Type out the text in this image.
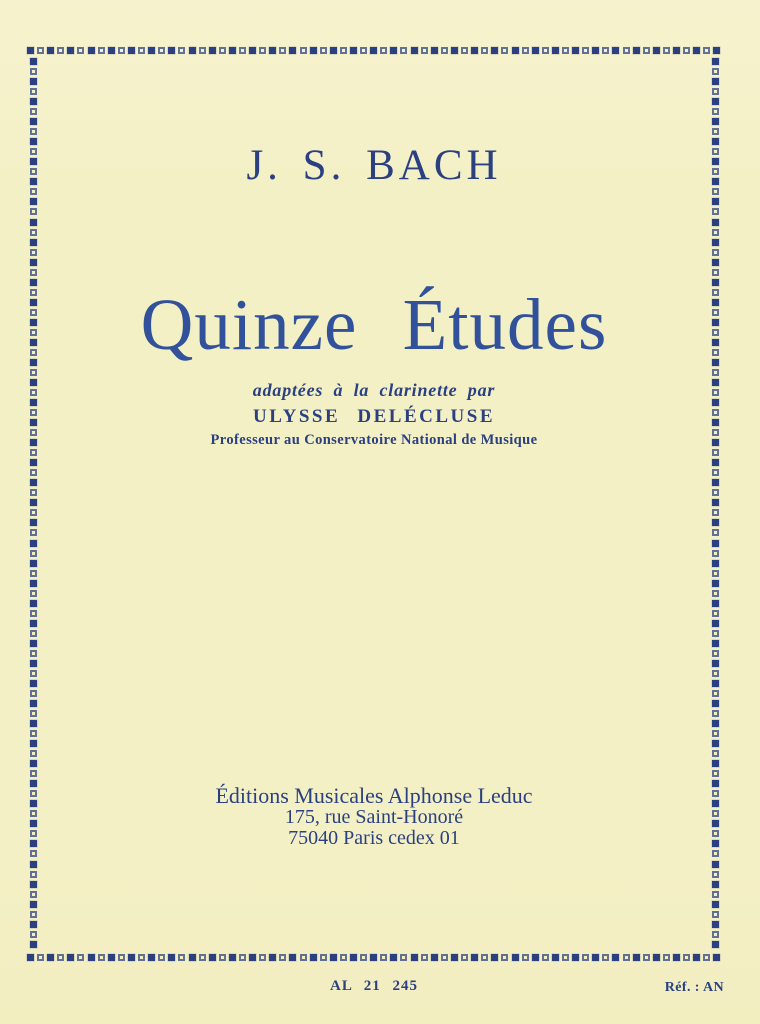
J. S. BACH
Quinze Études
adaptées à la clarinette par
ULYSSE DELÉCLUSE
Professeur au Conservatoire National de Musique
Éditions Musicales Alphonse Leduc
175, rue Saint-Honoré
75040 Paris cedex 01
AL 21 245	Réf. : AN
